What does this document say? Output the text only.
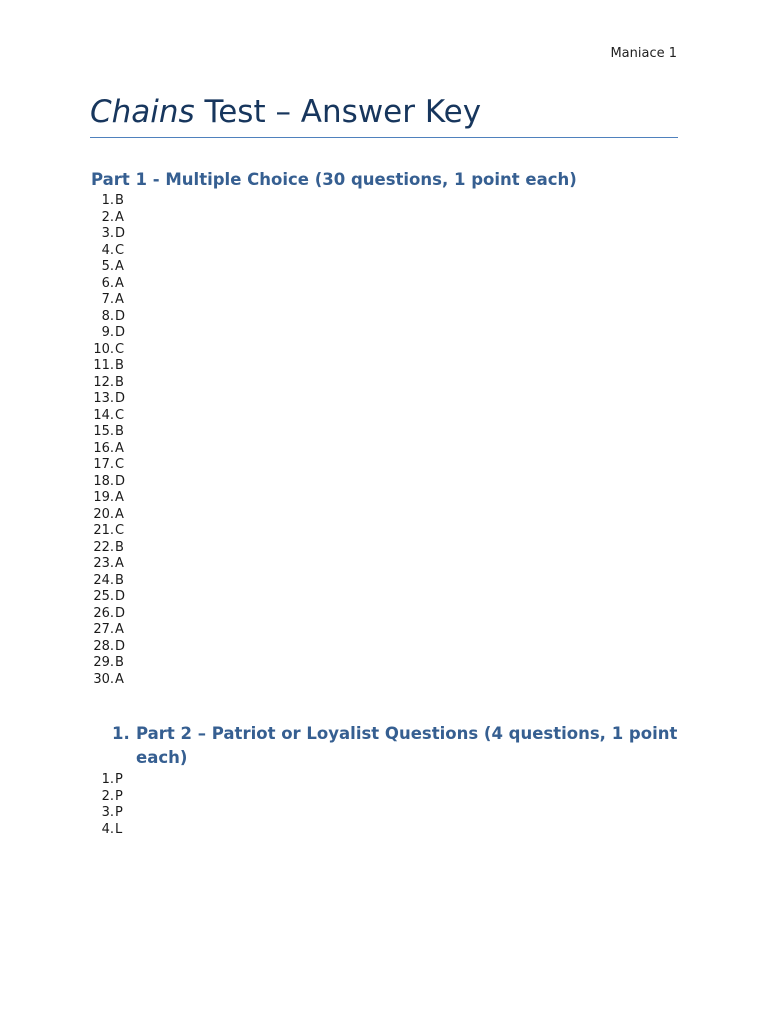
Maniace 1
Chains Test – Answer Key
Part 1 - Multiple Choice (30 questions, 1 point each)
1. B
2. A
3. D
4. C
5. A
6. A
7. A
8. D
9. D
10. C
11. B
12. B
13. D
14. C
15. B
16. A
17. C
18. D
19. A
20. A
21. C
22. B
23. A
24. B
25. D
26. D
27. A
28. D
29. B
30. A
1. Part 2 – Patriot or Loyalist Questions (4 questions, 1 point each)
1. P
2. P
3. P
4. L
